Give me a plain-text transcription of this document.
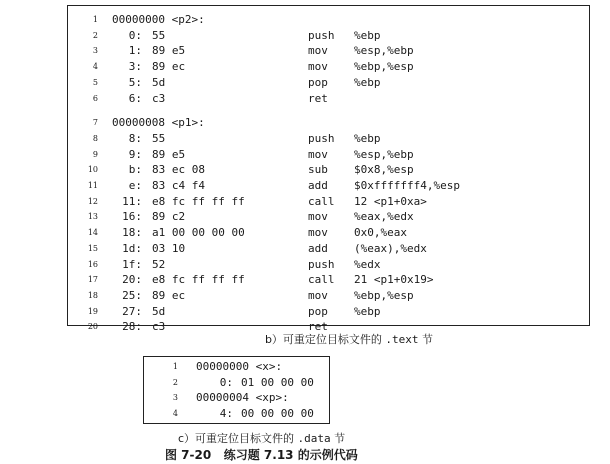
1 00000000 <p2>:
2	0: 55	push %ebp
3	1: 89 e5	mov %esp,%ebp
4	3: 89 ec	mov %ebp,%esp
5	5: 5d	pop %ebp
6	6: c3	ret
7 00000008 <p1>:
8	8: 55	push %ebp
9	9: 89 e5	mov %esp,%ebp
10	b: 83 ec 08	sub $0x8,%esp
11	e: 83 c4 f4	add $0xfffffff4,%esp
12	11: e8 fc ff ff ff	call 12 <p1+0xa>
13	16: 89 c2	mov %eax,%edx
14	18: a1 00 00 00 00	mov 0x0,%eax
15	1d: 03 10	add (%eax),%edx
16	1f: 52	push %edx
17	20: e8 fc ff ff ff	call 21 <p1+0x19>
18	25: 89 ec	mov %ebp,%esp
19	27: 5d	pop %ebp
20	28: c3	ret
b）可重定位目标文件的 .text 节
1 00000000 <x>:
2	0: 01 00 00 00
3 00000004 <xp>:
4	4: 00 00 00 00
c）可重定位目标文件的 .data 节
图 7-20   练习题 7.13 的示例代码
